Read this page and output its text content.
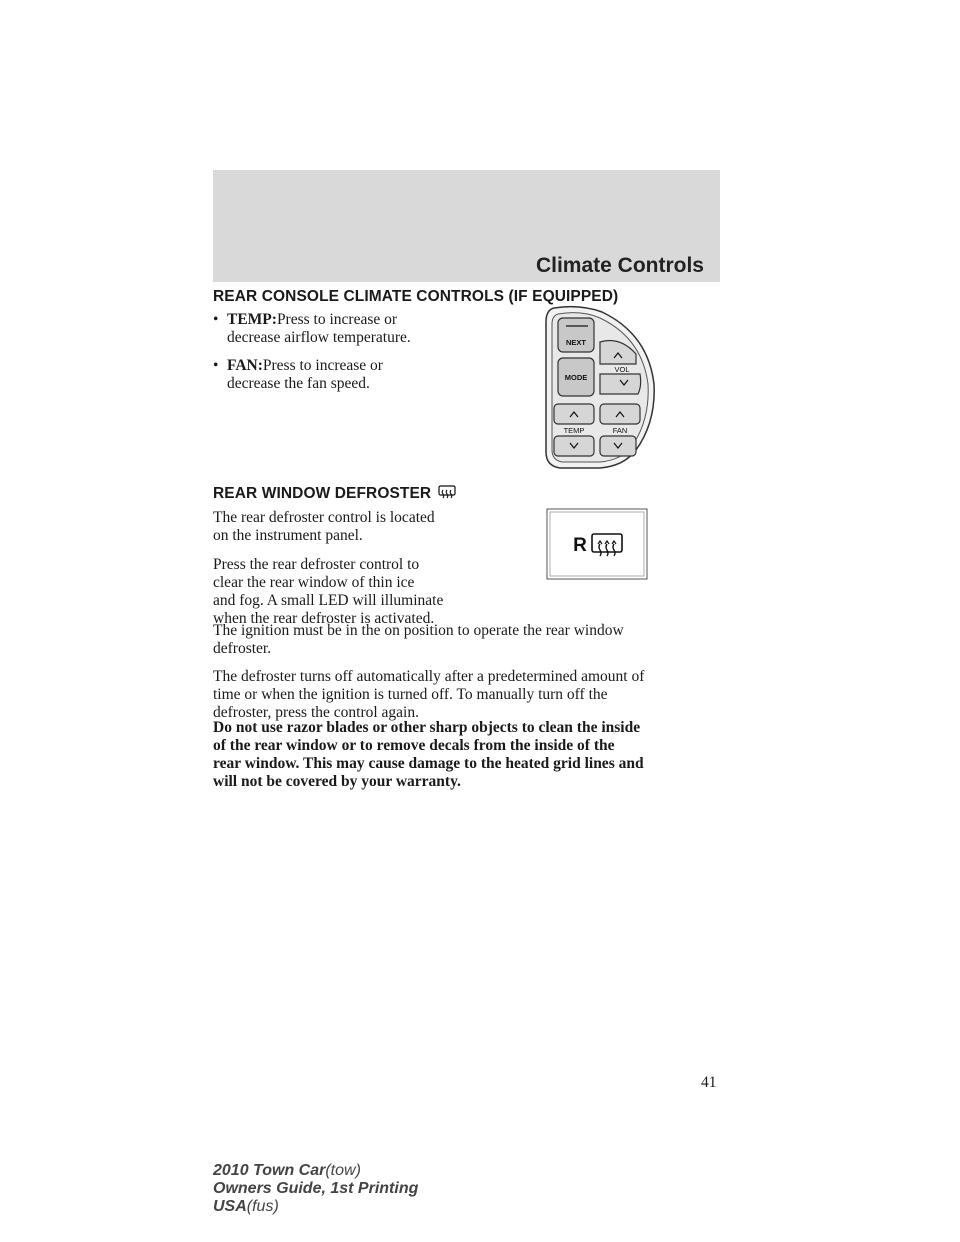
Climate Controls
REAR CONSOLE CLIMATE CONTROLS (IF EQUIPPED)
• TEMP:Press to increase or
decrease airflow temperature.
• FAN:Press to increase or
decrease the fan speed.
NEXT
MODE
VOL
TEMP	FAN
REAR WINDOW DEFROSTER

The rear defroster control is located
on the instrument panel.

Press the rear defroster control to
clear the rear window of thin ice
and fog. A small LED will illuminate
when the rear defroster is activated.

R

The ignition must be in the on position to operate the rear window
defroster.

The defroster turns off automatically after a predetermined amount of
time or when the ignition is turned off. To manually turn off the
defroster, press the control again.

Do not use razor blades or other sharp objects to clean the inside
of the rear window or to remove decals from the inside of the
rear window. This may cause damage to the heated grid lines and
will not be covered by your warranty.

41
2010 Town Car(tow)
Owners Guide, 1st Printing
USA(fus)
